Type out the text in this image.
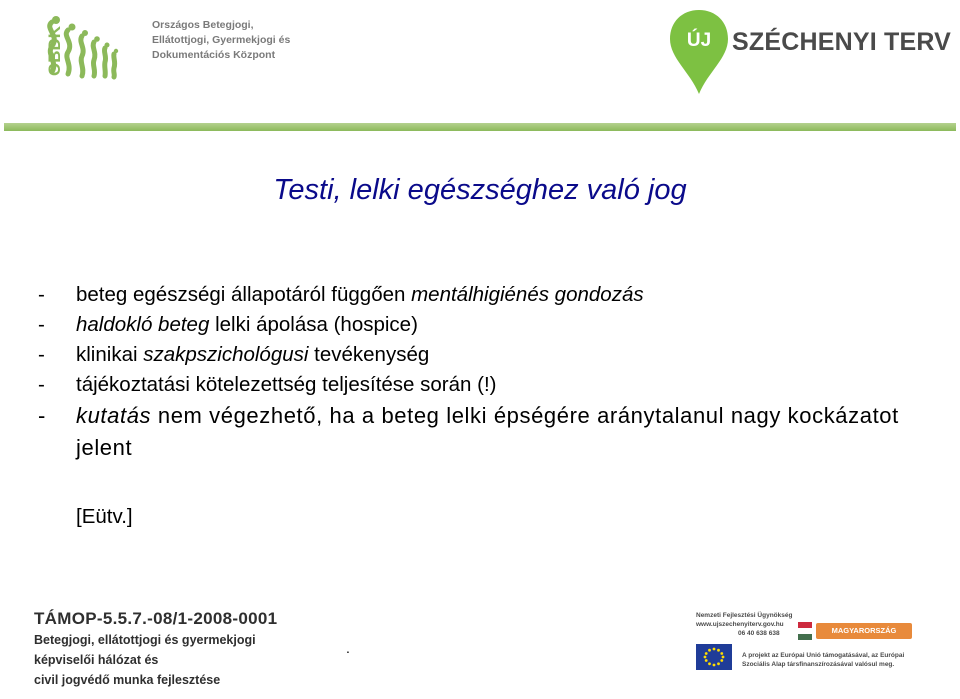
OBDK
Országos Betegjogi,
Ellátottjogi, Gyermekjogi és
Dokumentációs Központ
ÚJ SZÉCHENYI TERV
Testi, lelki egészséghez való jog
- beteg egészségi állapotáról függően mentálhigiénés gondozás
- haldokló beteg lelki ápolása (hospice)
- klinikai szakpszichológusi tevékenység
- tájékoztatási kötelezettség teljesítése során (!)
- kutatás nem végezhető, ha a beteg lelki épségére aránytalanul nagy kockázatot jelent
[Eütv.]
TÁMOP-5.5.7.-08/1-2008-0001
Betegjogi, ellátottjogi és gyermekjogi
képviselői hálózat és
civil jogvédő munka fejlesztése
.
Nemzeti Fejlesztési Ügynökség
www.ujszechenyiterv.gov.hu
06 40 638 638	MAGYARORSZÁG MEGÚJUL
A projekt az Európai Unió támogatásával, az Európai
Szociális Alap társfinanszírozásával valósul meg.
